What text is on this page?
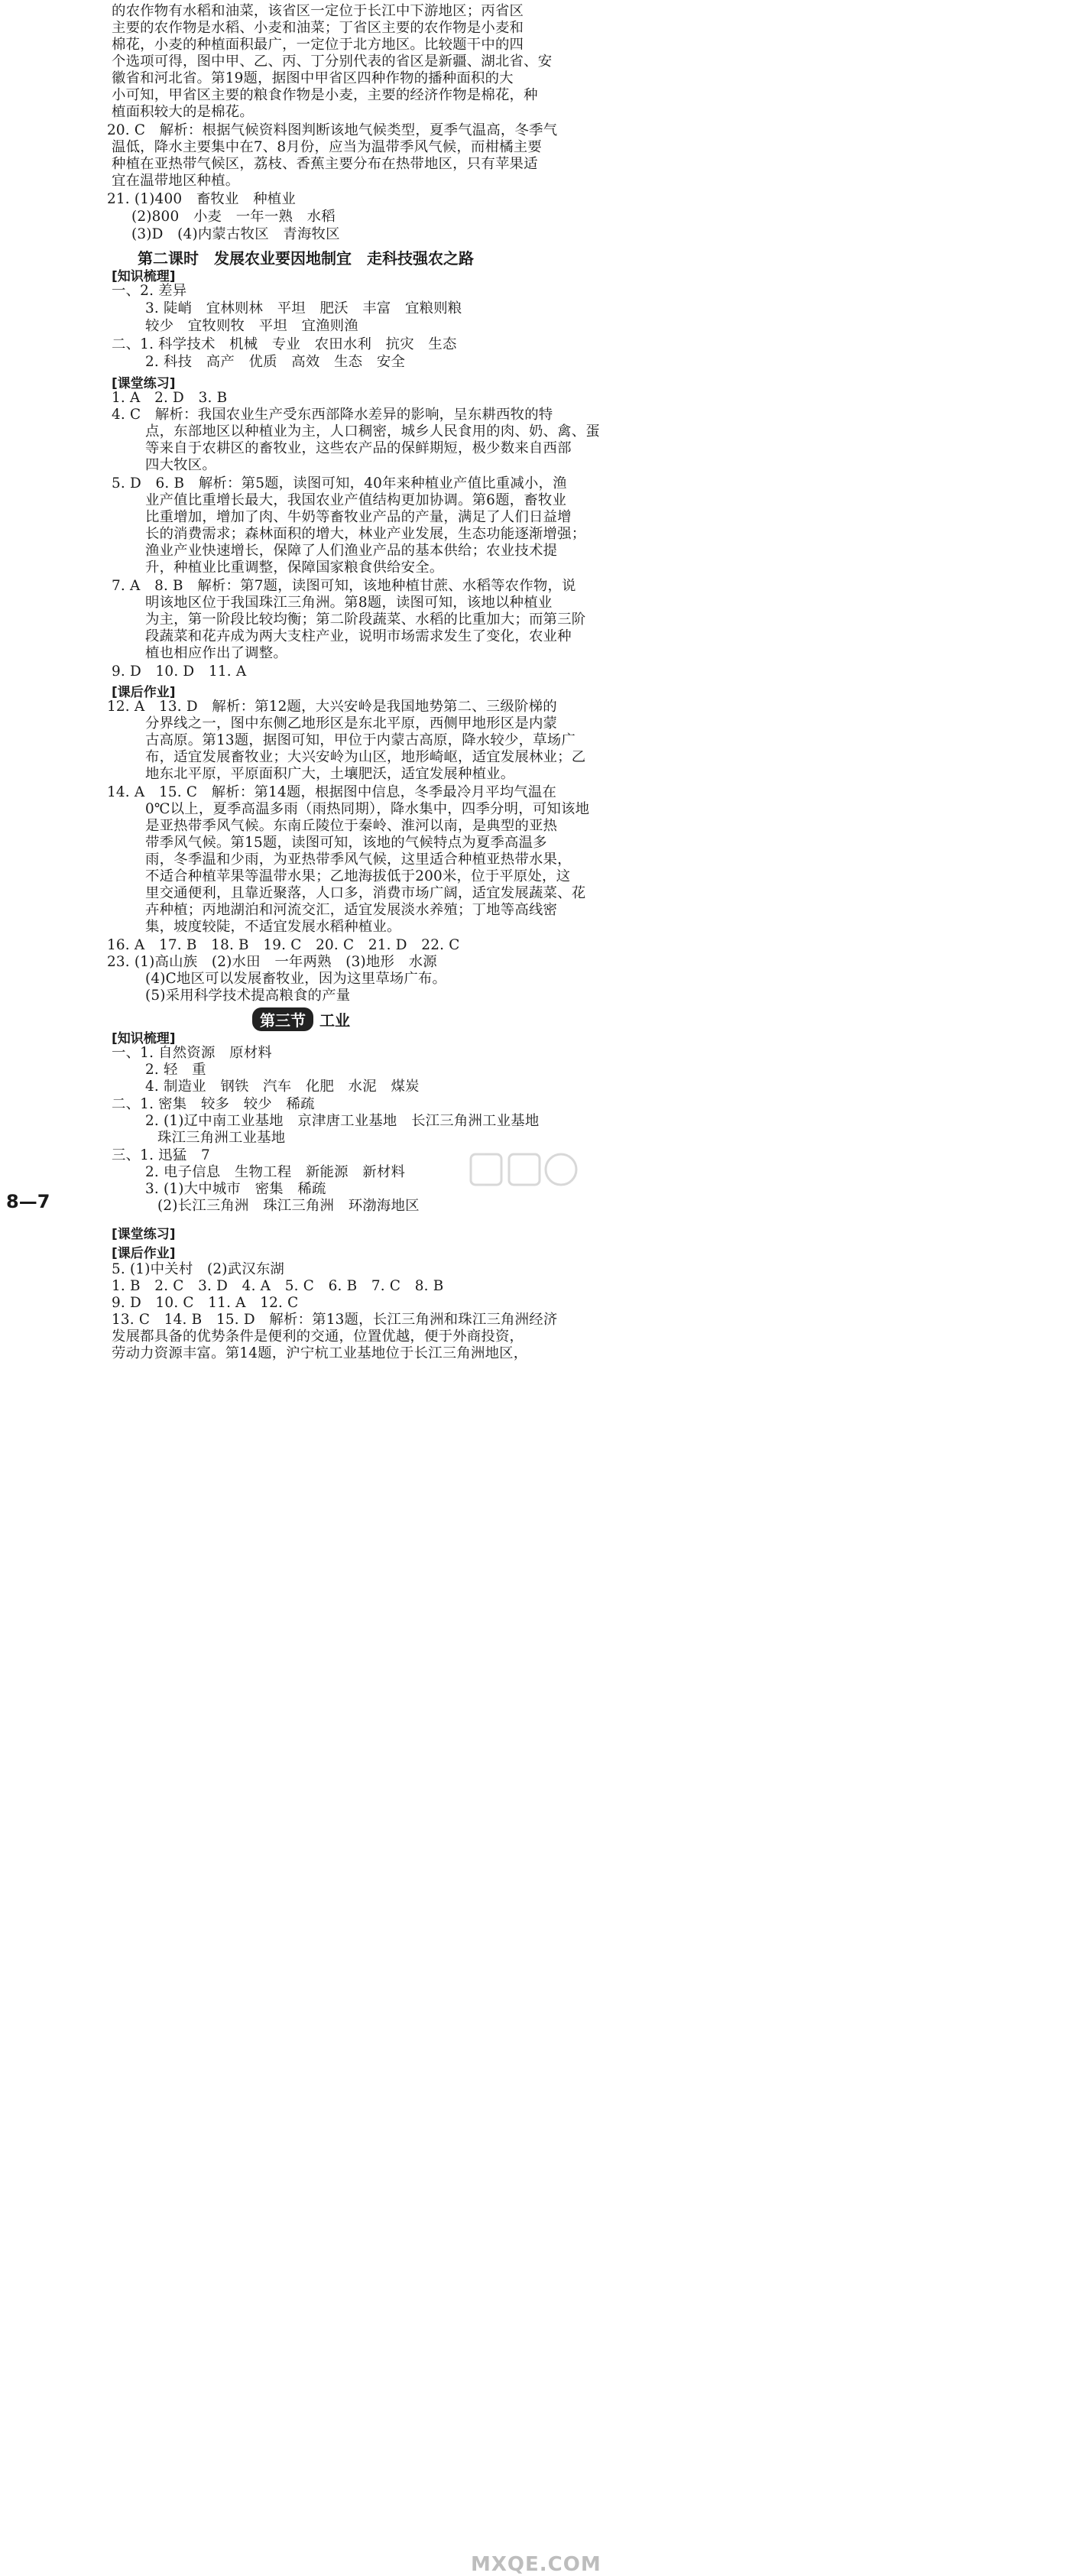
的农作物有水稻和油菜，该省区一定位于长江中下游地区；丙省区
主要的农作物是水稻、小麦和油菜；丁省区主要的农作物是小麦和
棉花，小麦的种植面积最广，一定位于北方地区。比较题干中的四
个选项可得，图中甲、乙、丙、丁分别代表的省区是新疆、湖北省、安
徽省和河北省。第19题，据图中甲省区四种作物的播种面积的大
小可知，甲省区主要的粮食作物是小麦，主要的经济作物是棉花，种
植面积较大的是棉花。
20. C　解析：根据气候资料图判断该地气候类型，夏季气温高，冬季气
温低，降水主要集中在7、8月份，应当为温带季风气候，而柑橘主要
种植在亚热带气候区，荔枝、香蕉主要分布在热带地区，只有苹果适
宜在温带地区种植。
21. (1)400　畜牧业　种植业
(2)800　小麦　一年一熟　水稻
(3)D　(4)内蒙古牧区　青海牧区
第二课时　发展农业要因地制宜　走科技强农之路
[知识梳理]
一、2. 差异
3. 陡峭　宜林则林　平坦　肥沃　丰富　宜粮则粮
较少　宜牧则牧　平坦　宜渔则渔
二、1. 科学技术　机械　专业　农田水利　抗灾　生态
2. 科技　高产　优质　高效　生态　安全
[课堂练习]
1. A　2. D　3. B
4. C　解析：我国农业生产受东西部降水差异的影响，呈东耕西牧的特
点，东部地区以种植业为主，人口稠密，城乡人民食用的肉、奶、禽、蛋
等来自于农耕区的畜牧业，这些农产品的保鲜期短，极少数来自西部
四大牧区。
5. D　6. B　解析：第5题，读图可知，40年来种植业产值比重减小，渔
业产值比重增长最大，我国农业产值结构更加协调。第6题，畜牧业
比重增加，增加了肉、牛奶等畜牧业产品的产量，满足了人们日益增
长的消费需求；森林面积的增大，林业产业发展，生态功能逐渐增强；
渔业产业快速增长，保障了人们渔业产品的基本供给；农业技术提
升，种植业比重调整，保障国家粮食供给安全。
7. A　8. B　解析：第7题，读图可知，该地种植甘蔗、水稻等农作物，说
明该地区位于我国珠江三角洲。第8题，读图可知，该地以种植业
为主，第一阶段比较均衡；第二阶段蔬菜、水稻的比重加大；而第三阶
段蔬菜和花卉成为两大支柱产业，说明市场需求发生了变化，农业种
植也相应作出了调整。
9. D　10. D　11. A
[课后作业]
12. A　13. D　解析：第12题，大兴安岭是我国地势第二、三级阶梯的
分界线之一，图中东侧乙地形区是东北平原，西侧甲地形区是内蒙
古高原。第13题，据图可知，甲位于内蒙古高原，降水较少，草场广
布，适宜发展畜牧业；大兴安岭为山区，地形崎岖，适宜发展林业；乙
地东北平原，平原面积广大，土壤肥沃，适宜发展种植业。
14. A　15. C　解析：第14题，根据图中信息，冬季最冷月平均气温在
0℃以上，夏季高温多雨（雨热同期），降水集中，四季分明，可知该地
是亚热带季风气候。东南丘陵位于秦岭、淮河以南，是典型的亚热
带季风气候。第15题，读图可知，该地的气候特点为夏季高温多
雨，冬季温和少雨，为亚热带季风气候，这里适合种植亚热带水果，
不适合种植苹果等温带水果；乙地海拔低于200米，位于平原处，这
里交通便利，且靠近聚落，人口多，消费市场广阔，适宜发展蔬菜、花
卉种植；丙地湖泊和河流交汇，适宜发展淡水养殖；丁地等高线密
集，坡度较陡，不适宜发展水稻种植业。
16. A　17. B　18. B　19. C　20. C　21. D　22. C
23. (1)高山族　(2)水田　一年两熟　(3)地形　水源
(4)C地区可以发展畜牧业，因为这里草场广布。
(5)采用科学技术提高粮食的产量
第三节 工业
[知识梳理]
一、1. 自然资源　原材料
2. 轻　重
4. 制造业　钢铁　汽车　化肥　水泥　煤炭
二、1. 密集　较多　较少　稀疏
2. (1)辽中南工业基地　京津唐工业基地　长江三角洲工业基地
珠江三角洲工业基地
三、1. 迅猛　7
2. 电子信息　生物工程　新能源　新材料
3. (1)大中城市　密集　稀疏
(2)长江三角洲　珠江三角洲　环渤海地区
8—7
[课堂练习]
[课后作业]
5. (1)中关村　(2)武汉东湖
1. B　2. C　3. D　4. A　5. C　6. B　7. C　8. B
9. D　10. C　11. A　12. C
13. C　14. B　15. D　解析：第13题，长江三角洲和珠江三角洲经济
发展都具备的优势条件是便利的交通，位置优越，便于外商投资，
劳动力资源丰富。第14题，沪宁杭工业基地位于长江三角洲地区，
MXQE.COM
